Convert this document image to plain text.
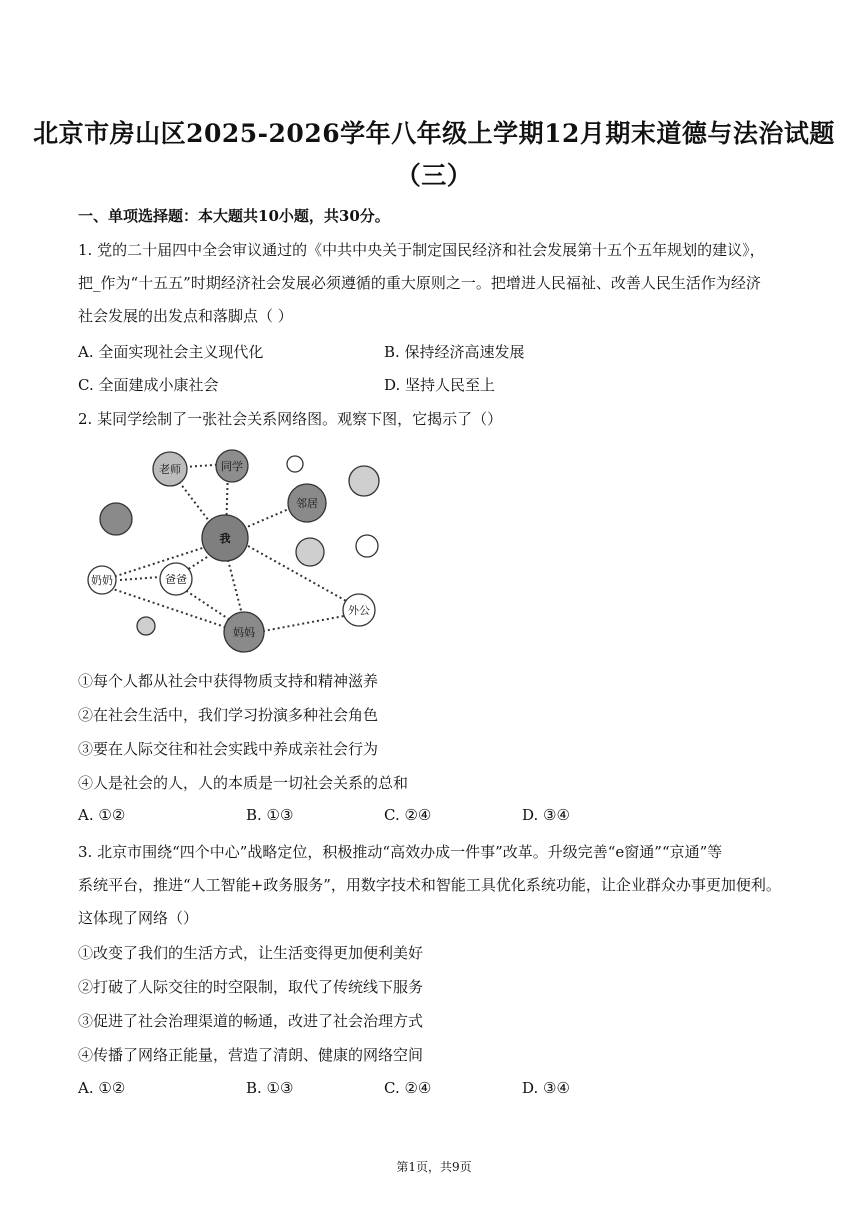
北京市房山区2025-2026学年八年级上学期12月期末道德与法治试题
（三）
一、单项选择题：本大题共10小题，共30分。
1. 党的二十届四中全会审议通过的《中共中央关于制定国民经济和社会发展第十五个五年规划的建议》，
把_作为“十五五”时期经济社会发展必须遵循的重大原则之一。把增进人民福祉、改善人民生活作为经济
社会发展的出发点和落脚点（ ）
A. 全面实现社会主义现代化	B. 保持经济高速发展
C. 全面建成小康社会	D. 坚持人民至上
2. 某同学绘制了一张社会关系网络图。观察下图，它揭示了（）
老师	同学
邻居
我
奶奶	爸爸
外公
妈妈
①每个人都从社会中获得物质支持和精神滋养
②在社会生活中，我们学习扮演多种社会角色
③要在人际交往和社会实践中养成亲社会行为
④人是社会的人，人的本质是一切社会关系的总和
A. ①②	B. ①③	C. ②④	D. ③④
3. 北京市围绕“四个中心”战略定位，积极推动“高效办成一件事”改革。升级完善“e窗通”“京通”等
系统平台，推进“人工智能+政务服务”，用数字技术和智能工具优化系统功能，让企业群众办事更加便利。
这体现了网络（）
①改变了我们的生活方式，让生活变得更加便利美好
②打破了人际交往的时空限制，取代了传统线下服务
③促进了社会治理渠道的畅通，改进了社会治理方式
④传播了网络正能量，营造了清朗、健康的网络空间
A. ①②	B. ①③	C. ②④	D. ③④
第1页，共9页
